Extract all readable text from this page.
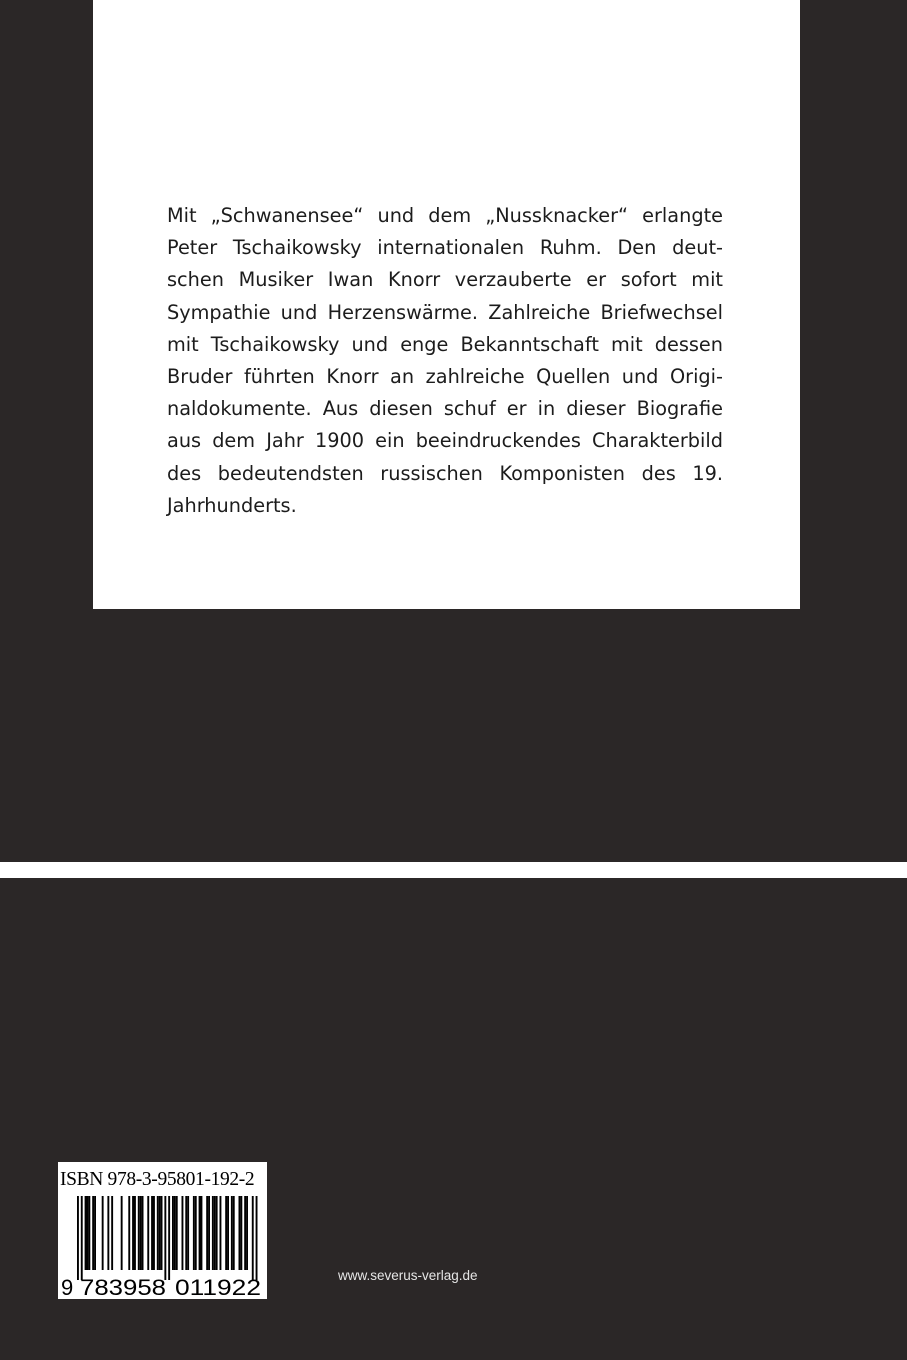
Mit „Schwanensee“ und dem „Nussknacker“ erlangte
Peter Tschaikowsky internationalen Ruhm. Den deut-
schen Musiker Iwan Knorr verzauberte er sofort mit
Sympathie und Herzenswärme. Zahlreiche Briefwechsel
mit Tschaikowsky und enge Bekanntschaft mit dessen
Bruder führten Knorr an zahlreiche Quellen und Origi-
naldokumente. Aus diesen schuf er in dieser Biografie
aus dem Jahr 1900 ein beeindruckendes Charakterbild
des bedeutendsten russischen Komponisten des 19.
Jahrhunderts.

ISBN 978-3-95801-192-2
9 783958 011922	www.severus-verlag.de
